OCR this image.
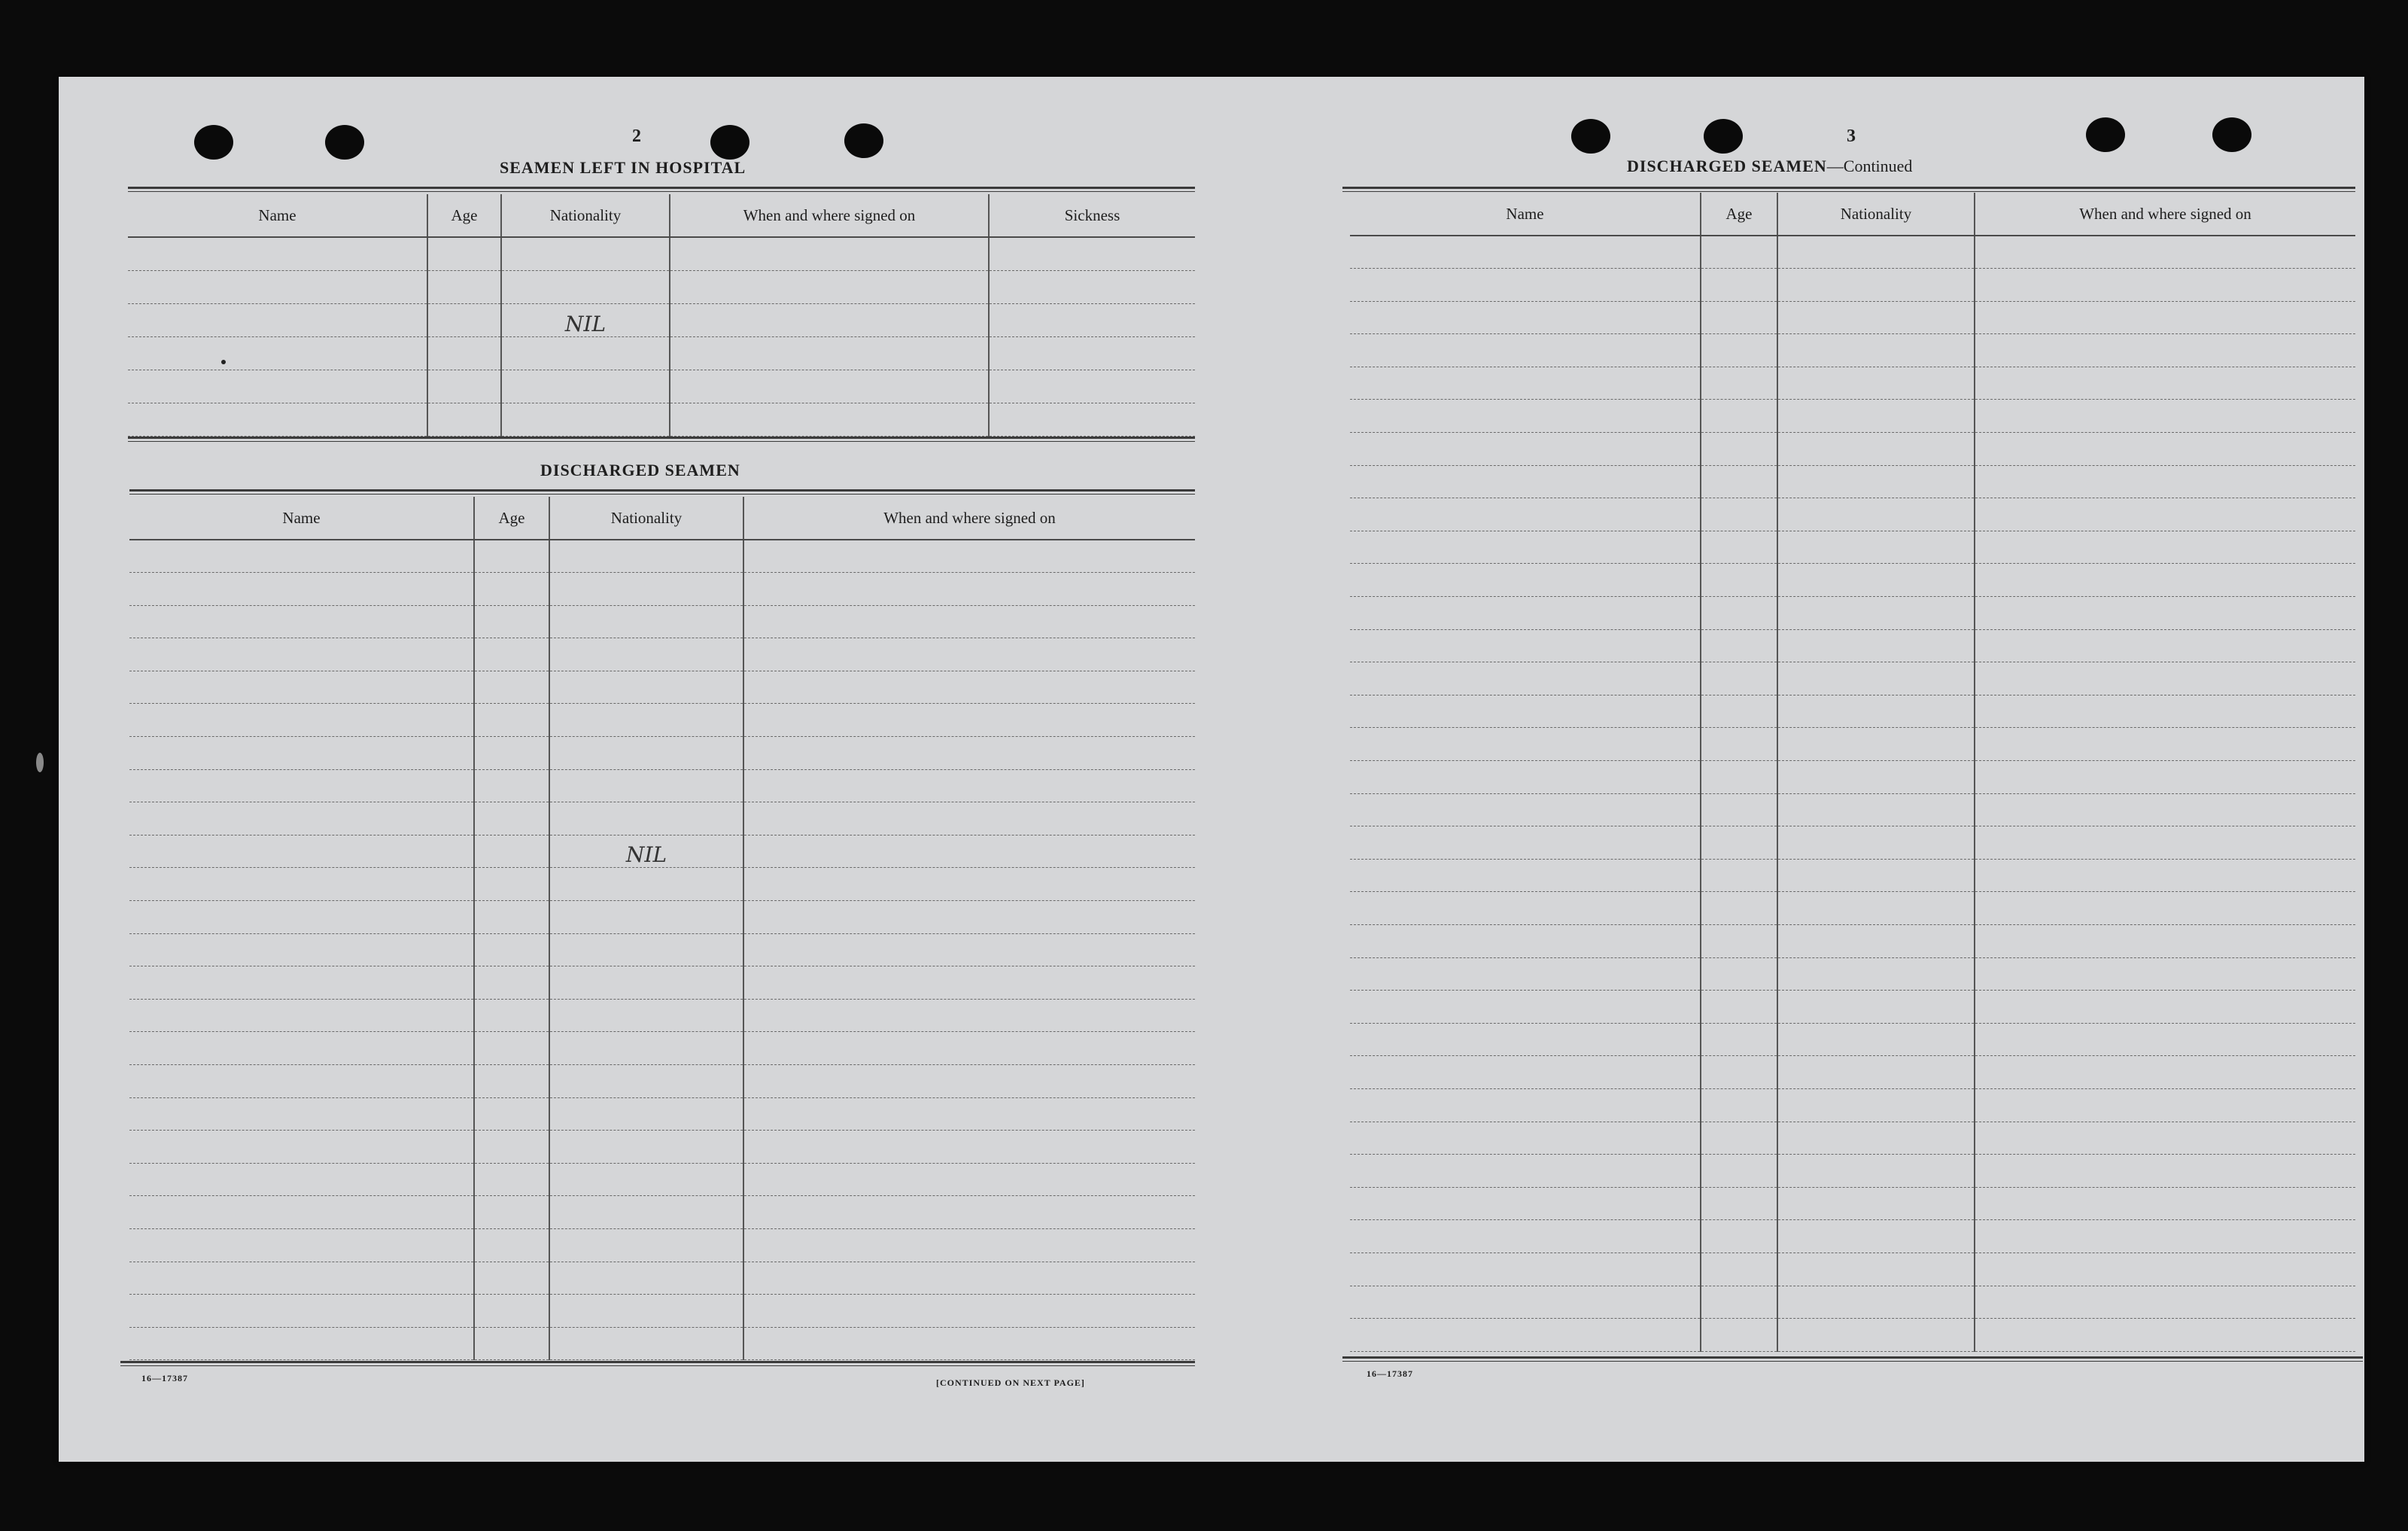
2
SEAMEN LEFT IN HOSPITAL
Name	Age	Nationality	When and where signed on	Sickness

		NIL		

DISCHARGED SEAMEN
Name	Age	Nationality	When and where signed on

		NIL	

16—17387	[CONTINUED ON NEXT PAGE]
3
DISCHARGED SEAMEN—Continued
Name	Age	Nationality	When and where signed on

16—17387
